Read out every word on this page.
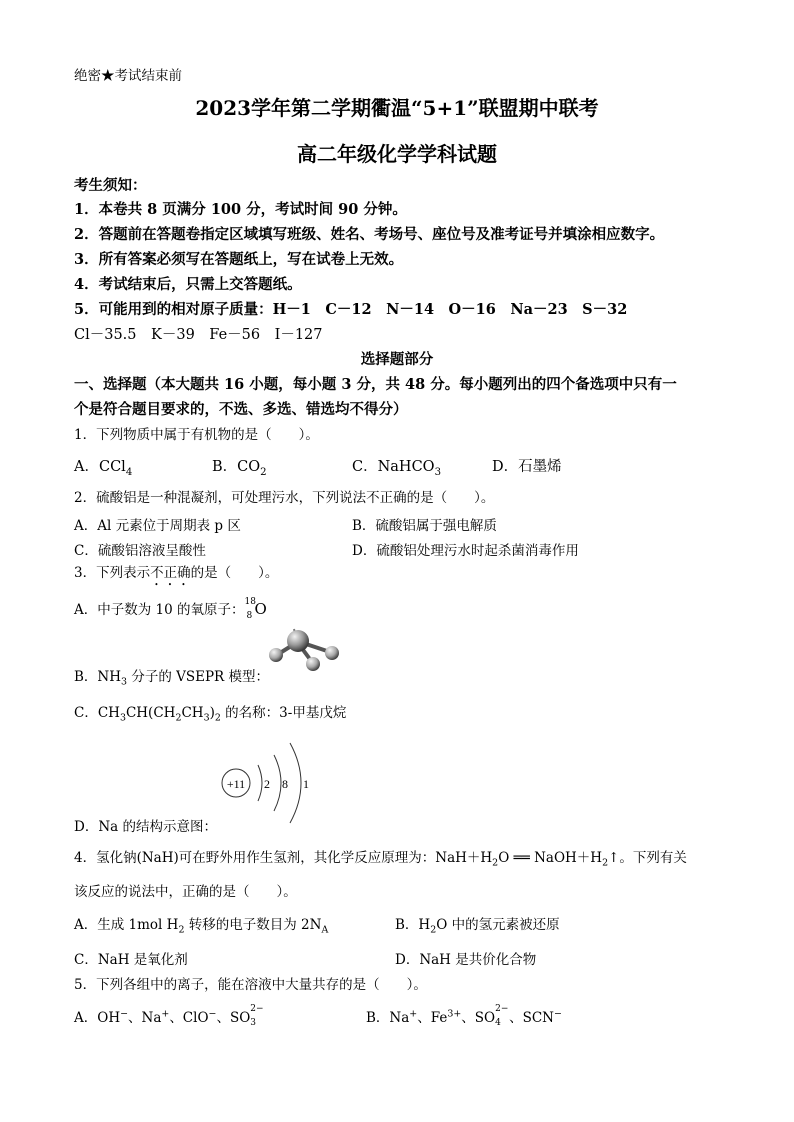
绝密★考试结束前
2023学年第二学期衢温“5+1”联盟期中联考
高二年级化学学科试题
考生须知：
1．本卷共 8 页满分 100 分，考试时间 90 分钟。
2．答题前在答题卷指定区域填写班级、姓名、考场号、座位号及准考证号并填涂相应数字。
3．所有答案必须写在答题纸上，写在试卷上无效。
4．考试结束后，只需上交答题纸。
5．可能用到的相对原子质量：H－1　C－12　N－14　O－16　Na－23　S－32
Cl－35.5　K－39　Fe－56　I－127
选择题部分
一、选择题（本大题共 16 小题，每小题 3 分，共 48 分。每小题列出的四个备选项中只有一
个是符合题目要求的，不选、多选、错选均不得分）
1．下列物质中属于有机物的是（　　）。
A．CCl$_4$	B．$CO_2$	C．NaHCO$_3$	D．石墨烯
2．硫酸铝是一种混凝剂，可处理污水，下列说法不正确的是（　　）。
A．Al 元素位于周期表 p 区	B．硫酸铝属于强电解质
C．硫酸铝溶液呈酸性	D．硫酸铝处理污水时起杀菌消毒作用
3．下列表示不正确的是（　　）。
A．中子数为 10 的氧原子：
18
8 O
B．$NH_3$ 分子的 VSEPR 模型：
C．$CH_3CH(CH_2CH_3)_2$ 的名称：3-甲基戊烷
+11 2 8 1
D．Na 的结构示意图：
4．氢化钠(NaH)可在野外用作生氢剂，其化学反应原理为：$NaH+H_2O$ ══ $NaOH+H_2↑$。下列有关
该反应的说法中，正确的是（　　）。
A．生成 1mol $H_2$ 转移的电子数目为 $2N_A$	B．$H_2O$ 中的氢元素被还原
C．NaH 是氧化剂	D．NaH 是共价化合物
5．下列各组中的离子，能在溶液中大量共存的是（　　）。
A．OH−、Na+、ClO−、SO
2−
3	B．Na+、$Fe^{3+}$、SO
2−
4 、SCN−
